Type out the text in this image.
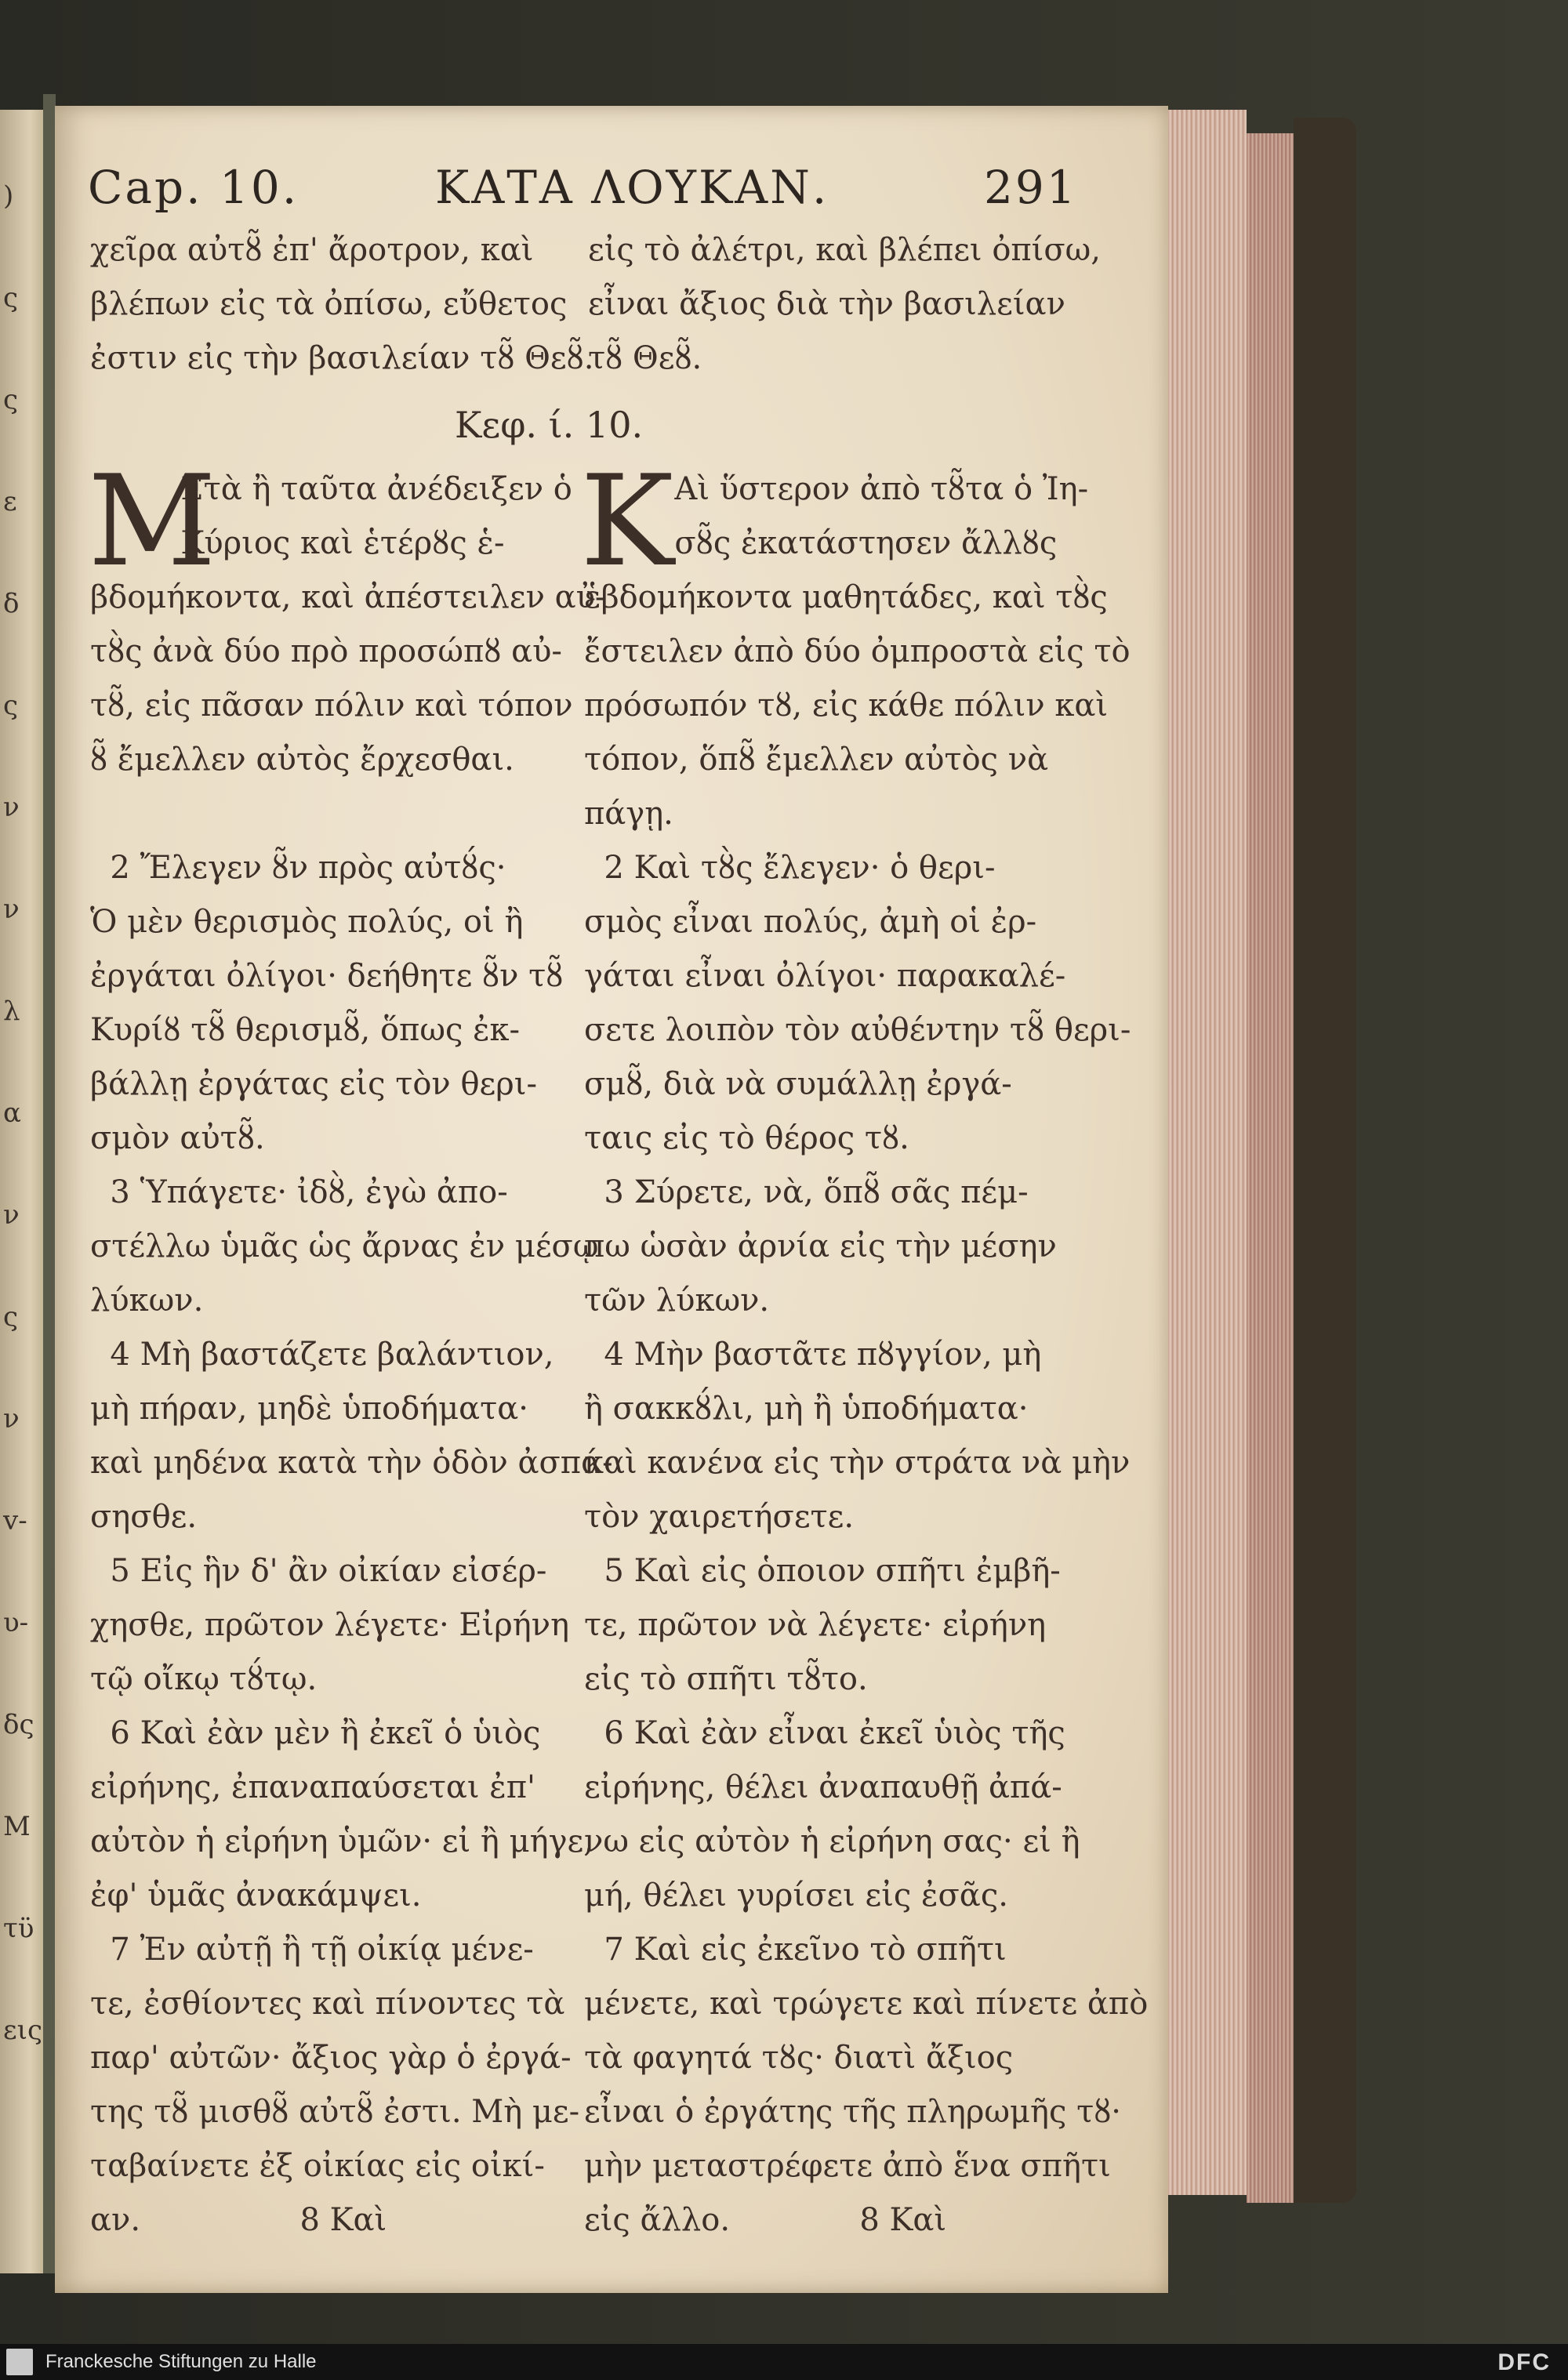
)
ς
ς
ε
δ
ς
ν
ν
λ
α
ν
ς
ν
v-
υ-
δς
Μ
τϋ
εις
Cap. 10.	ΚΑΤΑ ΛΟΥΚΑΝ.	291
χεῖρα αὐτȣ̃ ἐπ' ἄροτρον, καὶ
βλέπων εἰς τὰ ὀπίσω, εὔθετος
ἐστιν εἰς τὴν βασιλείαν τȣ̃ Θεȣ̃.
εἰς τὸ ἀλέτρι, καὶ βλέπει ὀπίσω,
εἶναι ἄξιος διὰ τὴν βασιλείαν
τȣ̃ Θεȣ̃.
Κεφ. ί. 10.
Μ	Κ
Ετὰ ἢ ταῦτα ἀνέδειξεν ὁ
Κύριος καὶ ἑτέρȣς ἑ-
βδομήκοντα, καὶ ἀπέστειλεν αὐ-
τȣ̀ς ἀνὰ δύο πρὸ προσώπȣ αὐ-
τȣ̃, εἰς πᾶσαν πόλιν καὶ τόπον
ȣ̃ ἔμελλεν αὐτὸς ἔρχεσθαι.
2 Ἔλεγεν ȣ̃ν πρὸς αὐτȣ́ς·
Ὁ μὲν θερισμὸς πολύς, οἱ ἢ
ἐργάται ὀλίγοι· δεήθητε ȣ̃ν τȣ̃
Κυρίȣ τȣ̃ θερισμȣ̃, ὅπως ἐκ-
βάλλῃ ἐργάτας εἰς τὸν θερι-
σμὸν αὐτȣ̃.
3 Ὑπάγετε· ἰδȣ̀, ἐγὼ ἀπο-
στέλλω ὑμᾶς ὡς ἄρνας ἐν μέσῳ
λύκων.
4 Μὴ βαστάζετε βαλάντιον,
μὴ πήραν, μηδὲ ὑποδήματα·
καὶ μηδένα κατὰ τὴν ὁδὸν ἀσπά-
σησθε.
5 Εἰς ἣν δ' ἂν οἰκίαν εἰσέρ-
χησθε, πρῶτον λέγετε· Εἰρήνη
τῷ οἴκῳ τȣ́τῳ.
6 Καὶ ἐὰν μὲν ἢ ἐκεῖ ὁ ὑιὸς
εἰρήνης, ἐπαναπαύσεται ἐπ'
αὐτὸν ἡ εἰρήνη ὑμῶν· εἰ ἢ μήγε,
ἐφ' ὑμᾶς ἀνακάμψει.
7 Ἐν αὐτῇ ἢ τῇ οἰκίᾳ μένε-
τε, ἐσθίοντες καὶ πίνοντες τὰ
παρ' αὐτῶν· ἄξιος γὰρ ὁ ἐργά-
της τȣ̃ μισθȣ̃ αὐτȣ̃ ἐστι. Μὴ με-
ταβαίνετε ἐξ οἰκίας εἰς οἰκί-
αν.                8 Καὶ
Αὶ ὕστερον ἀπὸ τȣ̃τα ὁ Ἰη-
σȣ̃ς ἐκατάστησεν ἄλλȣς
ἑβδομήκοντα μαθητάδες, καὶ τȣ̀ς
ἔστειλεν ἀπὸ δύο ὀμπροστὰ εἰς τὸ
πρόσωπόν τȣ, εἰς κάθε πόλιν καὶ
τόπον, ὅπȣ̃ ἔμελλεν αὐτὸς νὰ
πάγῃ.
2 Καὶ τȣ̀ς ἔλεγεν· ὁ θερι-
σμὸς εἶναι πολύς, ἀμὴ οἱ ἐρ-
γάται εἶναι ὀλίγοι· παρακαλέ-
σετε λοιπὸν τὸν αὐθέντην τȣ̃ θερι-
σμȣ̃, διὰ νὰ συμάλλῃ ἐργά-
ταις εἰς τὸ θέρος τȣ.
3 Σύρετε, νὰ, ὅπȣ̃ σᾶς πέμ-
πω ὡσὰν ἀρνία εἰς τὴν μέσην
τῶν λύκων.
4 Μὴν βαστᾶτε πȣγγίον, μὴ
ἢ σακκȣ́λι, μὴ ἢ ὑποδήματα·
καὶ κανένα εἰς τὴν στράτα νὰ μὴν
τὸν χαιρετήσετε.
5 Καὶ εἰς ὁποιον σπῆτι ἐμβῆ-
τε, πρῶτον νὰ λέγετε· εἰρήνη
εἰς τὸ σπῆτι τȣ̃το.
6 Καὶ ἐὰν εἶναι ἐκεῖ ὑιὸς τῆς
εἰρήνης, θέλει ἀναπαυθῇ ἀπά-
νω εἰς αὐτὸν ἡ εἰρήνη σας· εἰ ἢ
μή, θέλει γυρίσει εἰς ἐσᾶς.
7 Καὶ εἰς ἐκεῖνο τὸ σπῆτι
μένετε, καὶ τρώγετε καὶ πίνετε ἀπὸ
τὰ φαγητά τȣς· διατὶ ἄξιος
εἶναι ὁ ἐργάτης τῆς πληρωμῆς τȣ·
μὴν μεταστρέφετε ἀπὸ ἕνα σπῆτι
εἰς ἄλλο.             8 Καὶ
Franckesche Stiftungen zu Halle	DFC
